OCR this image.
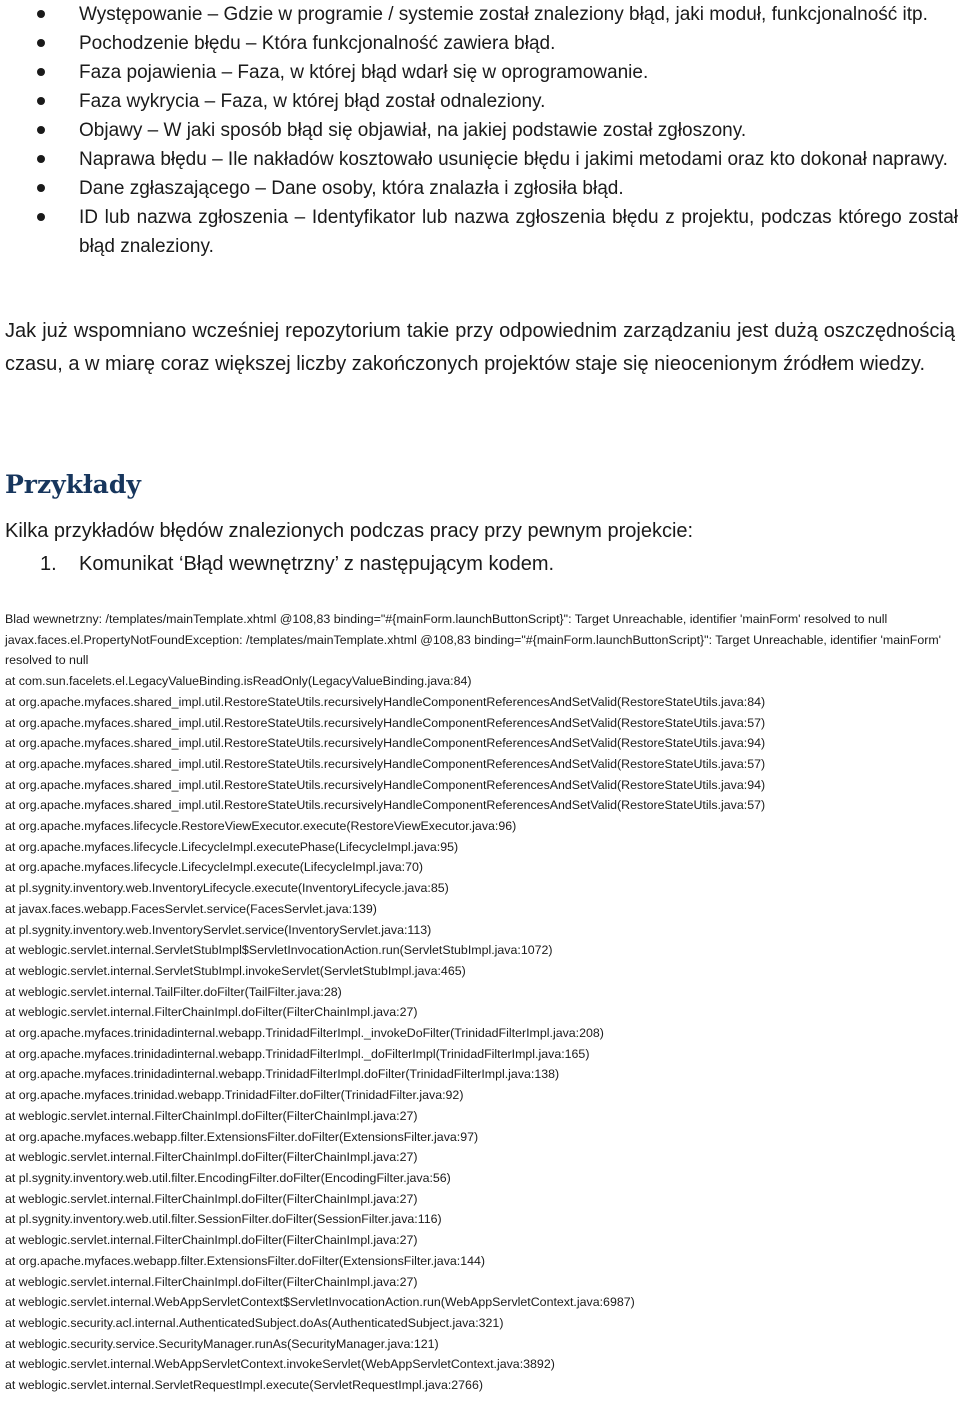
Występowanie – Gdzie w programie / systemie został znaleziony błąd, jaki moduł, funkcjonalność itp.
Pochodzenie błędu – Która funkcjonalność zawiera błąd.
Faza pojawienia – Faza, w której błąd wdarł się w oprogramowanie.
Faza wykrycia – Faza, w której błąd został odnaleziony.
Objawy – W jaki sposób błąd się objawiał, na jakiej podstawie został zgłoszony.
Naprawa błędu – Ile nakładów kosztowało usunięcie błędu i jakimi metodami oraz kto dokonał naprawy.
Dane zgłaszającego – Dane osoby, która znalazła i zgłosiła błąd.
ID lub nazwa zgłoszenia – Identyfikator lub nazwa zgłoszenia błędu z projektu, podczas którego został błąd znaleziony.

Jak już wspomniano wcześniej repozytorium takie przy odpowiednim zarządzaniu jest dużą oszczędnością czasu, a w miarę coraz większej liczby zakończonych projektów staje się nieocenionym źródłem wiedzy.

Przykłady

Kilka przykładów błędów znalezionych podczas pracy przy pewnym projekcie:

1. Komunikat ‘Błąd wewnętrzny’ z następującym kodem.

Blad wewnetrzny: /templates/mainTemplate.xhtml @108,83 binding="#{mainForm.launchButtonScript}": Target Unreachable, identifier 'mainForm' resolved to null
javax.faces.el.PropertyNotFoundException: /templates/mainTemplate.xhtml @108,83 binding="#{mainForm.launchButtonScript}": Target Unreachable, identifier 'mainForm' resolved to null
at com.sun.facelets.el.LegacyValueBinding.isReadOnly(LegacyValueBinding.java:84)
at org.apache.myfaces.shared_impl.util.RestoreStateUtils.recursivelyHandleComponentReferencesAndSetValid(RestoreStateUtils.java:84)
at org.apache.myfaces.shared_impl.util.RestoreStateUtils.recursivelyHandleComponentReferencesAndSetValid(RestoreStateUtils.java:57)
at org.apache.myfaces.shared_impl.util.RestoreStateUtils.recursivelyHandleComponentReferencesAndSetValid(RestoreStateUtils.java:94)
at org.apache.myfaces.shared_impl.util.RestoreStateUtils.recursivelyHandleComponentReferencesAndSetValid(RestoreStateUtils.java:57)
at org.apache.myfaces.shared_impl.util.RestoreStateUtils.recursivelyHandleComponentReferencesAndSetValid(RestoreStateUtils.java:94)
at org.apache.myfaces.shared_impl.util.RestoreStateUtils.recursivelyHandleComponentReferencesAndSetValid(RestoreStateUtils.java:57)
at org.apache.myfaces.lifecycle.RestoreViewExecutor.execute(RestoreViewExecutor.java:96)
at org.apache.myfaces.lifecycle.LifecycleImpl.executePhase(LifecycleImpl.java:95)
at org.apache.myfaces.lifecycle.LifecycleImpl.execute(LifecycleImpl.java:70)
at pl.sygnity.inventory.web.InventoryLifecycle.execute(InventoryLifecycle.java:85)
at javax.faces.webapp.FacesServlet.service(FacesServlet.java:139)
at pl.sygnity.inventory.web.InventoryServlet.service(InventoryServlet.java:113)
at weblogic.servlet.internal.ServletStubImpl$ServletInvocationAction.run(ServletStubImpl.java:1072)
at weblogic.servlet.internal.ServletStubImpl.invokeServlet(ServletStubImpl.java:465)
at weblogic.servlet.internal.TailFilter.doFilter(TailFilter.java:28)
at weblogic.servlet.internal.FilterChainImpl.doFilter(FilterChainImpl.java:27)
at org.apache.myfaces.trinidadinternal.webapp.TrinidadFilterImpl._invokeDoFilter(TrinidadFilterImpl.java:208)
at org.apache.myfaces.trinidadinternal.webapp.TrinidadFilterImpl._doFilterImpl(TrinidadFilterImpl.java:165)
at org.apache.myfaces.trinidadinternal.webapp.TrinidadFilterImpl.doFilter(TrinidadFilterImpl.java:138)
at org.apache.myfaces.trinidad.webapp.TrinidadFilter.doFilter(TrinidadFilter.java:92)
at weblogic.servlet.internal.FilterChainImpl.doFilter(FilterChainImpl.java:27)
at org.apache.myfaces.webapp.filter.ExtensionsFilter.doFilter(ExtensionsFilter.java:97)
at weblogic.servlet.internal.FilterChainImpl.doFilter(FilterChainImpl.java:27)
at pl.sygnity.inventory.web.util.filter.EncodingFilter.doFilter(EncodingFilter.java:56)
at weblogic.servlet.internal.FilterChainImpl.doFilter(FilterChainImpl.java:27)
at pl.sygnity.inventory.web.util.filter.SessionFilter.doFilter(SessionFilter.java:116)
at weblogic.servlet.internal.FilterChainImpl.doFilter(FilterChainImpl.java:27)
at org.apache.myfaces.webapp.filter.ExtensionsFilter.doFilter(ExtensionsFilter.java:144)
at weblogic.servlet.internal.FilterChainImpl.doFilter(FilterChainImpl.java:27)
at weblogic.servlet.internal.WebAppServletContext$ServletInvocationAction.run(WebAppServletContext.java:6987)
at weblogic.security.acl.internal.AuthenticatedSubject.doAs(AuthenticatedSubject.java:321)
at weblogic.security.service.SecurityManager.runAs(SecurityManager.java:121)
at weblogic.servlet.internal.WebAppServletContext.invokeServlet(WebAppServletContext.java:3892)
at weblogic.servlet.internal.ServletRequestImpl.execute(ServletRequestImpl.java:2766)
